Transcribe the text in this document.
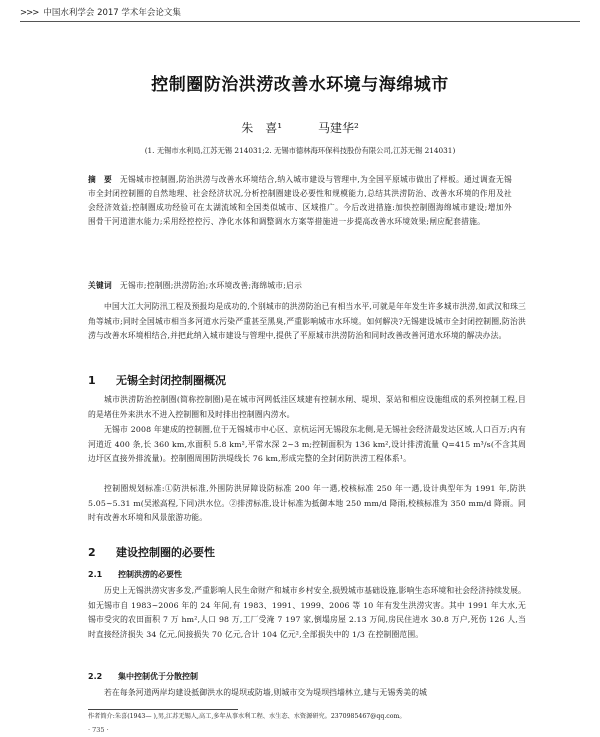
>>> 中国水利学会 2017 学术年会论文集
控制圈防治洪涝改善水环境与海绵城市
朱　喜¹	马建华²
(1. 无锡市水利局,江苏无锡 214031;2. 无锡市德林海环保科技股份有限公司,江苏无锡 214031)
摘　要　 无锡城市控制圈,防治洪涝与改善水环境结合,纳入城市建设与管理中,为全国平原城市做出了样板。通过调查无锡市全封闭控制圈的自然地理、社会经济状况,分析控制圈建设必要性和规模能力,总结其洪涝防治、改善水环境的作用及社会经济效益;控制圈成功经验可在太湖流域和全国类似城市、区域推广。今后改进措施:加快控制圈海绵城市建设;增加外围骨干河道泄水能力;采用经控控污、净化水体和调整调水方案等措施进一步提高改善水环境效果;闸应配套措施。
关键词　 无锡市;控制圈;洪涝防治;水环境改善;海绵城市;启示
中国大江大河防汛工程及预报均是成功的,个别城市的洪涝防治已有相当水平,可就是年年发生许多城市洪涝,如武汉和珠三角等城市;同时全国城市相当多河道水污染严重甚至黑臭,严重影响城市水环境。如何解决?无锡建设城市全封闭控制圈,防治洪涝与改善水环境相结合,并把此纳入城市建设与管理中,提供了平原城市洪涝防治和同时改善改善河道水环境的解决办法。
1 无锡全封闭控制圈概况
城市洪涝防治控制圈(简称控制圈)是在城市河网低洼区域建有控制水闸、堤坝、泵站和相应设施组成的系列控制工程,目的是堵住外来洪水不进入控制圈和及时排出控制圈内涝水。
无锡市 2008 年建成的控制圈,位于无锡城市中心区、京杭运河无锡段东北侧,是无锡社会经济最发达区域,人口百万;内有河道近 400 条,长 360 km,水面积 5.8 km²,平常水深 2~3 m;控制面积为 136 km²,设计排涝流量 Q=415 m³/s(不含其周边圩区直接外排流量)。控制圈周围防洪堤线长 76 km,形成完整的全封闭防洪涝工程体系¹。
控制圈规划标准:①防洪标准,外围防洪屏障设防标准 200 年一遇,校核标准 250 年一遇,设计典型年为 1991 年,防洪 5.05~5.31 m(吴淞高程,下同)洪水位。②排涝标准,设计标准为抵御本地 250 mm/d 降雨,校核标准为 350 mm/d 降雨。同时有改善水环境和风景旅游功能。
2 建设控制圈的必要性
2.1 控制洪涝的必要性
历史上无锡洪涝灾害多发,严重影响人民生命财产和城市乡村安全,损毁城市基础设施,影响生态环境和社会经济持续发展。如无锡市自 1983~2006 年的 24 年间,有 1983、1991、1999、2006 等 10 年有发生洪涝灾害。其中 1991 年大水,无锡市受灾的农田面积 7 万 hm²,人口 98 万,工厂受淹 7 197 家,倒塌房屋 2.13 万间,房民住进水 30.8 万户,死伤 126 人,当时直接经济损失 34 亿元,间接损失 70 亿元,合计 104 亿元²,全部损失中的 1/3 在控制圈范围。
2.2 集中控制优于分散控制
若在每条河道两岸均建设抵御洪水的堤坝或防墙,则城市交为堤坝挡墙林立,建与无锡秀美的城
作者简介:朱喜(1943— ),男,江苏无锡人,高工,多年从事水利工程、水生态、水资源研究。2370985467@qq.com。
· 735 ·
